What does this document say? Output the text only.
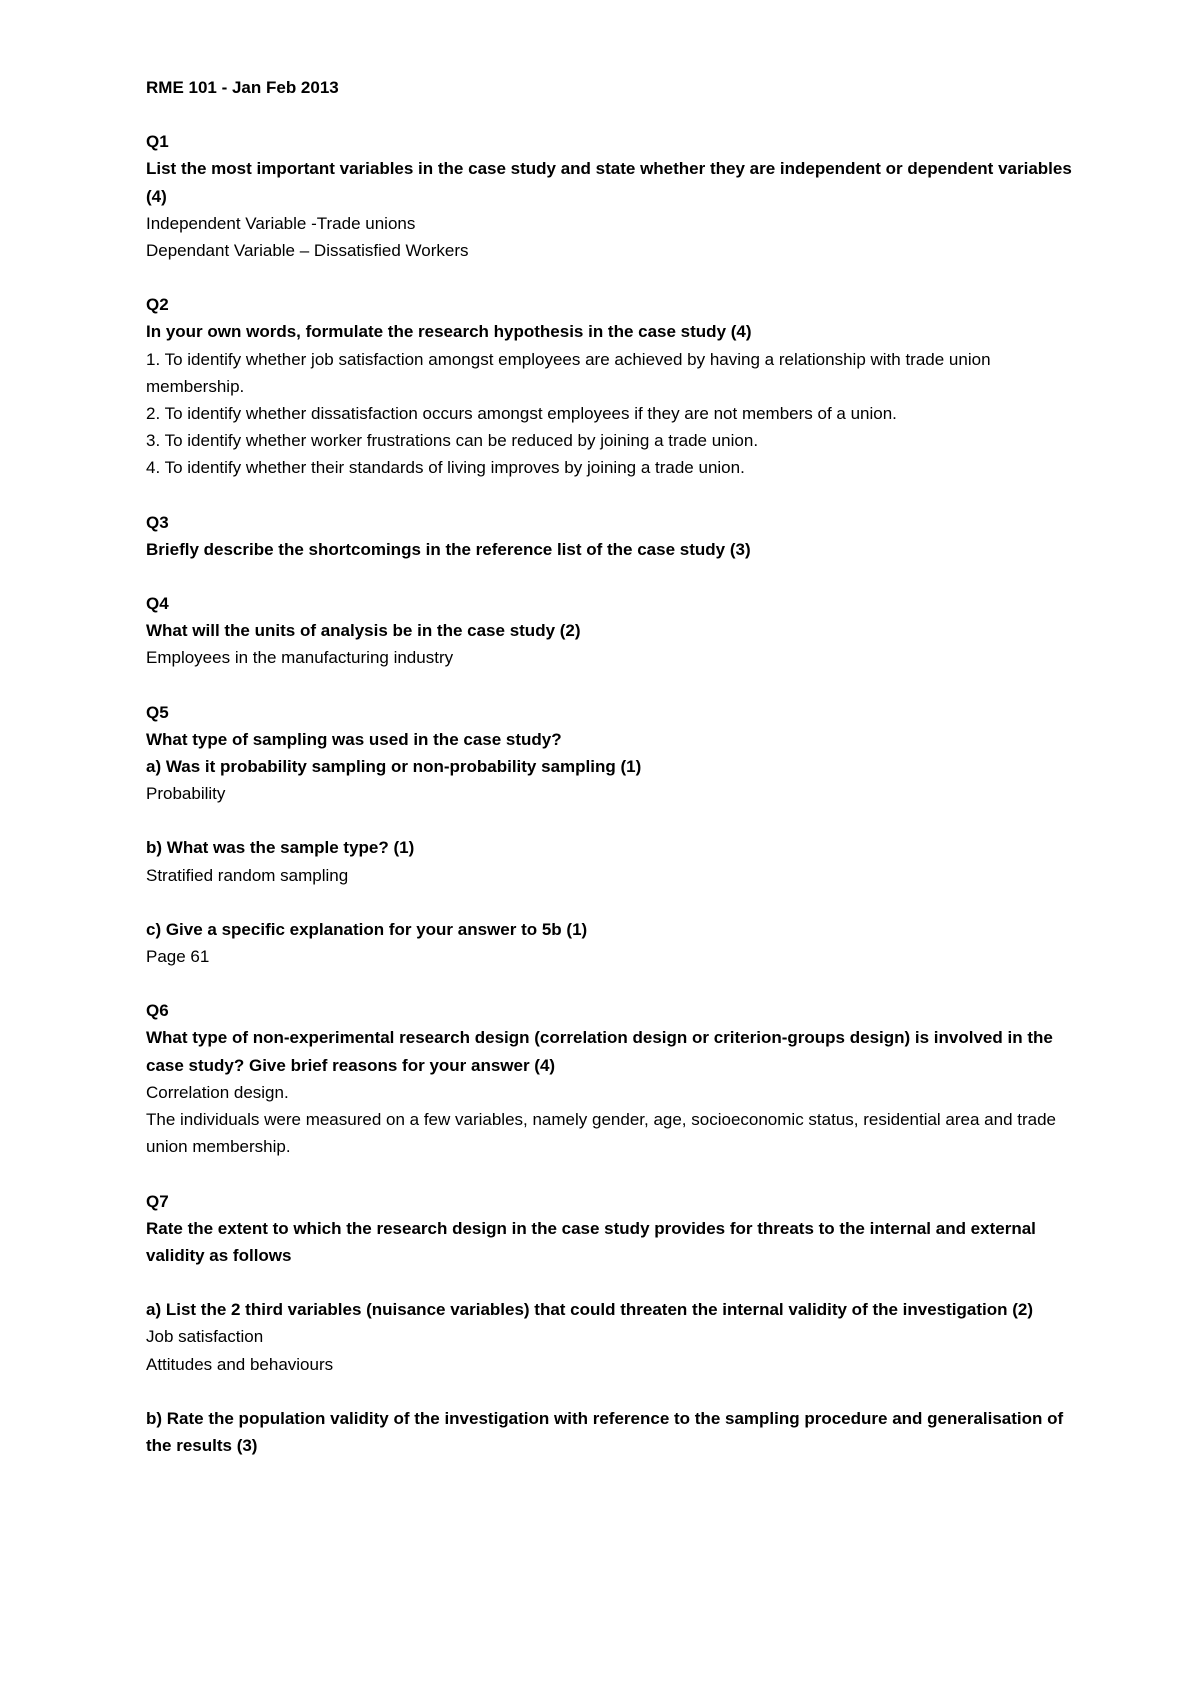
RME 101 - Jan Feb 2013
Q1
List the most important variables in the case study and state whether they are independent or dependent variables (4)
Independent Variable -Trade unions
Dependant Variable – Dissatisfied Workers
Q2
In your own words, formulate the research hypothesis in the case study (4)
1. To identify whether job satisfaction amongst employees are achieved by having a relationship with trade union membership.
2. To identify whether dissatisfaction occurs amongst employees if they are not members of a union.
3. To identify whether worker frustrations can be reduced by joining a trade union.
4. To identify whether their standards of living improves by joining a trade union.
Q3
Briefly describe the shortcomings in the reference list of the case study (3)
Q4
What will the units of analysis be in the case study (2)
Employees in the manufacturing industry
Q5
What type of sampling was used in the case study?
a) Was it probability sampling or non-probability sampling (1)
Probability
b) What was the sample type? (1)
Stratified random sampling
c) Give a specific explanation for your answer to 5b (1)
Page 61
Q6
What type of non-experimental research design (correlation design or criterion-groups design) is involved in the case study? Give brief reasons for your answer (4)
Correlation design.
The individuals were measured on a few variables, namely gender, age, socioeconomic status, residential area and trade union membership.
Q7
Rate the extent to which the research design in the case study provides for threats to the internal and external validity as follows
a) List the 2 third variables (nuisance variables) that could threaten the internal validity of the investigation (2)
Job satisfaction
Attitudes and behaviours
b) Rate the population validity of the investigation with reference to the sampling procedure and generalisation of the results (3)
